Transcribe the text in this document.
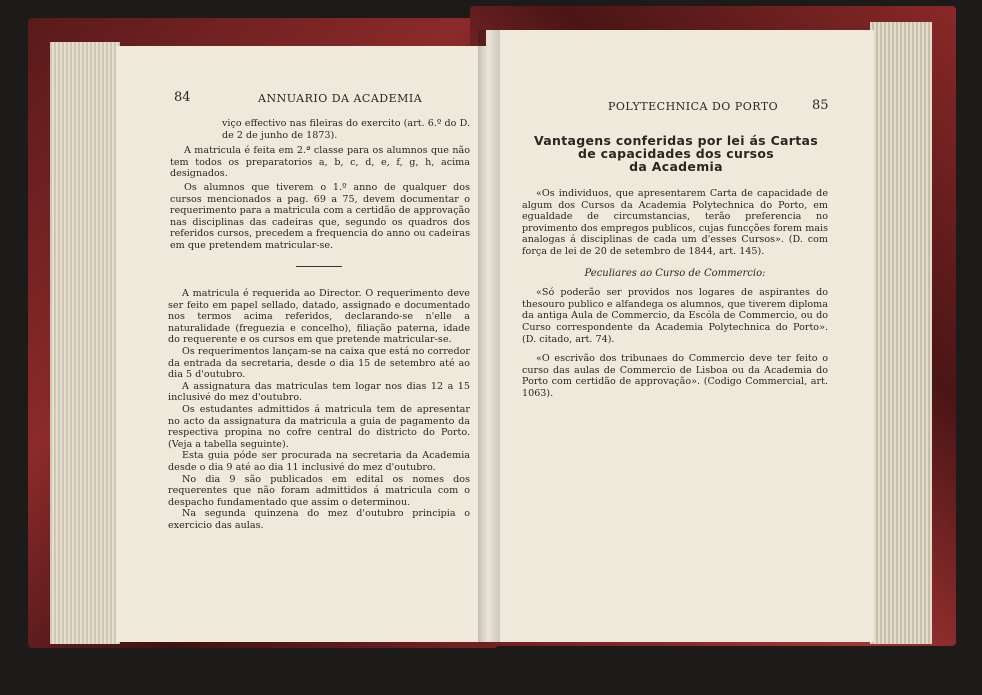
84	ANNUARIO DA ACADEMIA

viço effectivo nas fileiras do exercito (art. 6.º do D. de 2 de junho de 1873).

A matricula é feita em 2.ª classe para os alumnos que não tem todos os preparatorios a, b, c, d, e, f, g, h, acima designados.

Os alumnos que tiverem o 1.º anno de qualquer dos cursos mencionados a pag. 69 a 75, devem documentar o requerimento para a matricula com a certidão de approvação nas disciplinas das cadeiras que, segundo os quadros dos referidos cursos, precedem a frequencia do anno ou cadeiras em que pretendem matricular-se.

A matricula é requerida ao Director. O requerimento deve ser feito em papel sellado, datado, assignado e documentado nos termos acima referidos, declarando-se n'elle a naturalidade (freguezia e concelho), filiação paterna, idade do requerente e os cursos em que pretende matricular-se.

Os requerimentos lançam-se na caixa que está no corredor da entrada da secretaria, desde o dia 15 de setembro até ao dia 5 d'outubro.

A assignatura das matriculas tem logar nos dias 12 a 15 inclusivé do mez d'outubro.

Os estudantes admittidos á matricula tem de apresentar no acto da assignatura da matricula a guia de pagamento da respectiva propina no cofre central do districto do Porto. (Veja a tabella seguinte).

Esta guia póde ser procurada na secretaria da Academia desde o dia 9 até ao dia 11 inclusivé do mez d'outubro.

No dia 9 são publicados em edital os nomes dos requerentes que não foram admittidos á matricula com o despacho fundamentado que assim o determinou.

Na segunda quinzena do mez d'outubro principia o exercicio das aulas.

POLYTECHNICA DO PORTO	85
Vantagens conferidas por lei ás Cartas
de capacidades dos cursos
da Academia

«Os individuos, que apresentarem Carta de capacidade de algum dos Cursos da Academia Polytechnica do Porto, em egualdade de circumstancias, terão preferencia no provimento dos empregos publicos, cujas funcções forem mais analogas á disciplinas de cada um d'esses Cursos». (D. com força de lei de 20 de setembro de 1844, art. 145).

Peculiares ao Curso de Commercio:

«Só poderão ser providos nos logares de aspirantes do thesouro publico e alfandega os alumnos, que tiverem diploma da antiga Aula de Commercio, da Escóla de Commercio, ou do Curso correspondente da Academia Polytechnica do Porto». (D. citado, art. 74).

«O escrivão dos tribunaes do Commercio deve ter feito o curso das aulas de Commercio de Lisboa ou da Academia do Porto com certidão de approvação». (Codigo Commercial, art. 1063).
